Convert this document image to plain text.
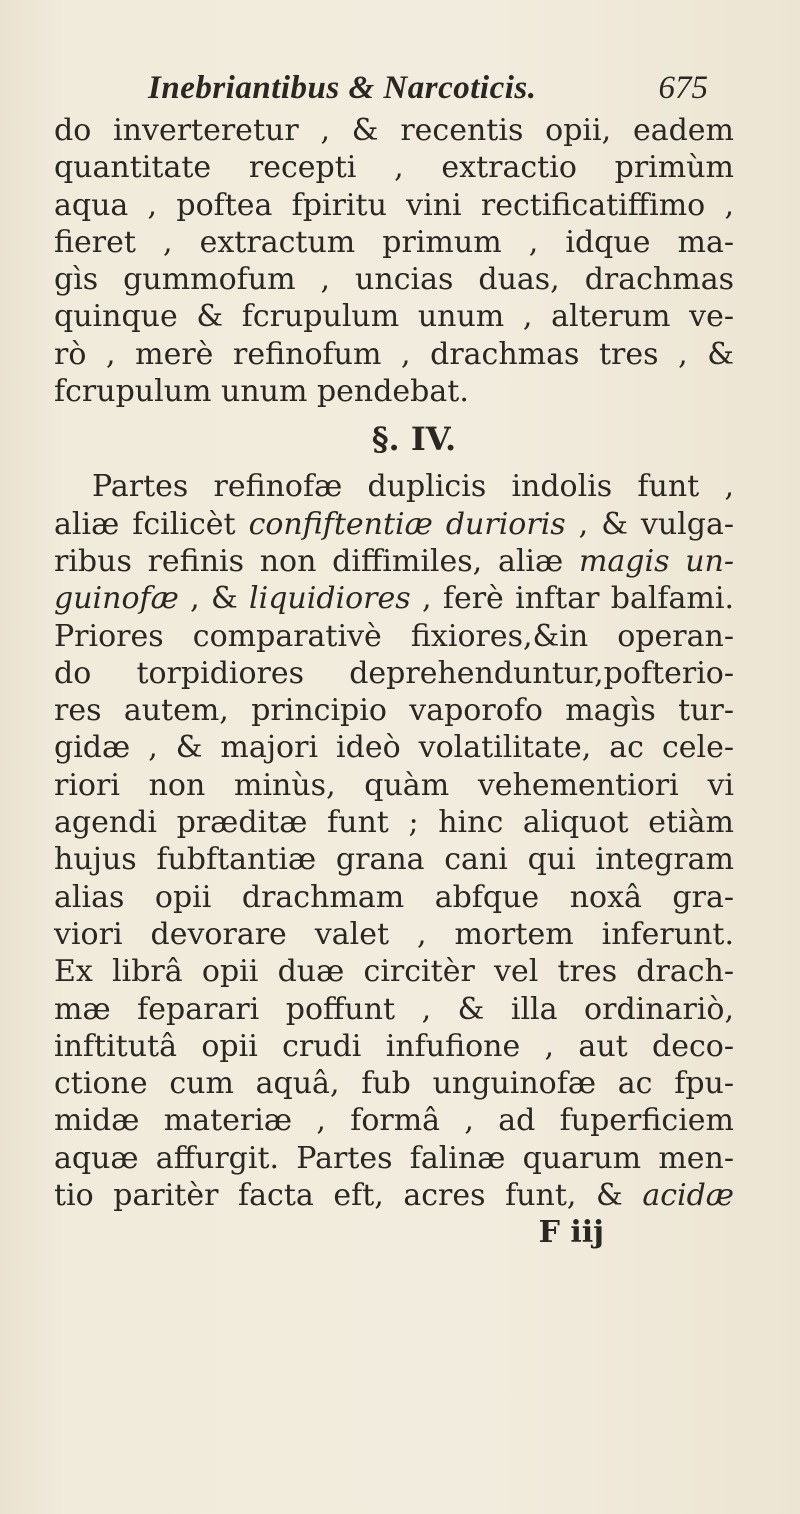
Inebriantibus & Narcoticis.	675
do inverteretur , & recentis opii, eadem
quantitate recepti , extractio primùm
aqua , poftea fpiritu vini rectificatiffimo ,
fieret , extractum primum , idque ma-
gìs gummofum , uncias duas, drachmas
quinque & fcrupulum unum , alterum ve-
rò , merè refinofum , drachmas tres , &
fcrupulum unum pendebat.
§. IV.
Partes refinofæ duplicis indolis funt ,
aliæ fcilicèt confiftentiæ durioris , & vulga-
ribus refinis non diffimiles, aliæ magis un-
guinofæ , & liquidiores , ferè inftar balfami.
Priores comparativè fixiores,&in operan-
do torpidiores deprehenduntur,pofterio-
res autem, principio vaporofo magìs tur-
gidæ , & majori ideò volatilitate, ac cele-
riori non minùs, quàm vehementiori vi
agendi præditæ funt ; hinc aliquot etiàm
hujus fubftantiæ grana cani qui integram
alias opii drachmam abfque noxâ gra-
viori devorare valet , mortem inferunt.
Ex librâ opii duæ circitèr vel tres drach-
mæ feparari poffunt , & illa ordinariò,
inftitutâ opii crudi infufione , aut deco-
ctione cum aquâ, fub unguinofæ ac fpu-
midæ materiæ , formâ , ad fuperficiem
aquæ affurgit. Partes falinæ quarum men-
tio paritèr facta eft, acres funt, & acidæ
F iij
